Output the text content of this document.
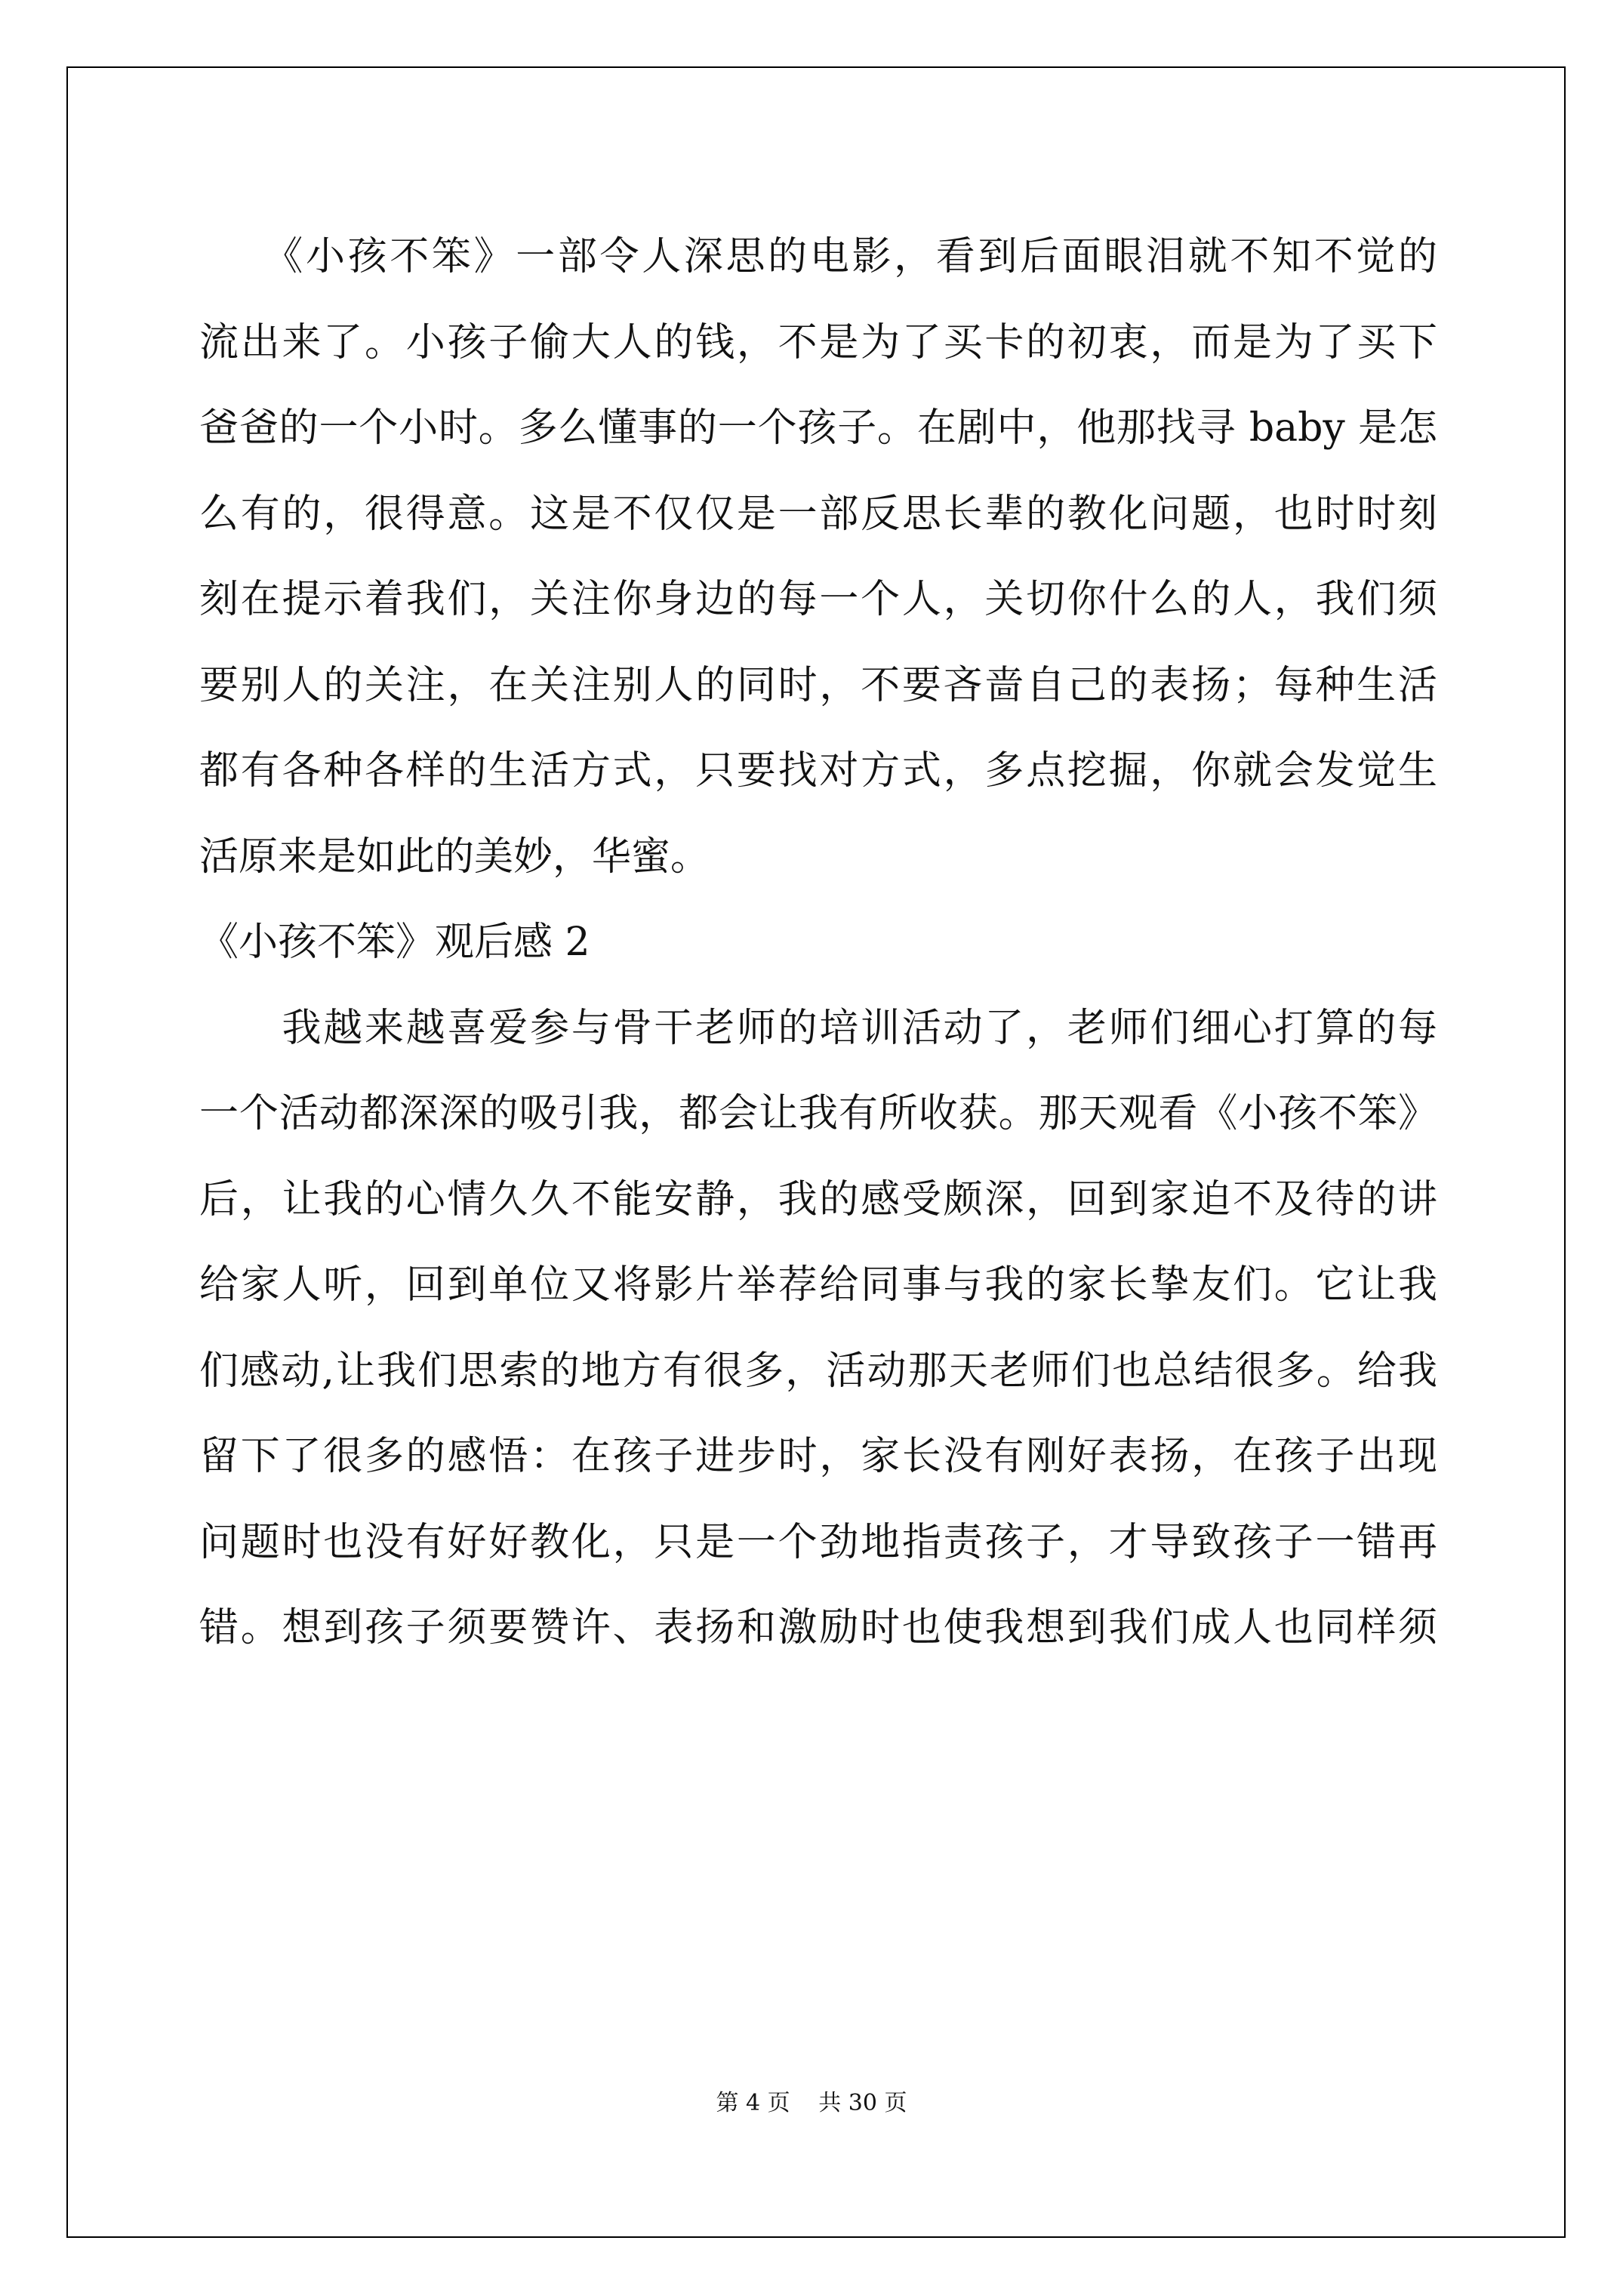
　　《小孩不笨》一部令人深思的电影，看到后面眼泪就不知不觉的
流出来了。小孩子偷大人的钱，不是为了买卡的初衷，而是为了买下
爸爸的一个小时。多么懂事的一个孩子。在剧中，他那找寻 baby 是怎
么有的，很得意。这是不仅仅是一部反思长辈的教化问题，也时时刻
刻在提示着我们，关注你身边的每一个人，关切你什么的人，我们须
要别人的关注，在关注别人的同时，不要吝啬自己的表扬；每种生活
都有各种各样的生活方式，只要找对方式，多点挖掘，你就会发觉生
活原来是如此的美妙，华蜜。
《小孩不笨》观后感 2
　　我越来越喜爱参与骨干老师的培训活动了，老师们细心打算的每
一个活动都深深的吸引我，都会让我有所收获。那天观看《小孩不笨》
后，让我的心情久久不能安静，我的感受颇深，回到家迫不及待的讲
给家人听，回到单位又将影片举荐给同事与我的家长挚友们。它让我
们感动,让我们思索的地方有很多，活动那天老师们也总结很多。给我
留下了很多的感悟：在孩子进步时，家长没有刚好表扬，在孩子出现
问题时也没有好好教化，只是一个劲地指责孩子，才导致孩子一错再
错。想到孩子须要赞许、表扬和激励时也使我想到我们成人也同样须
第 4 页 共 30 页
